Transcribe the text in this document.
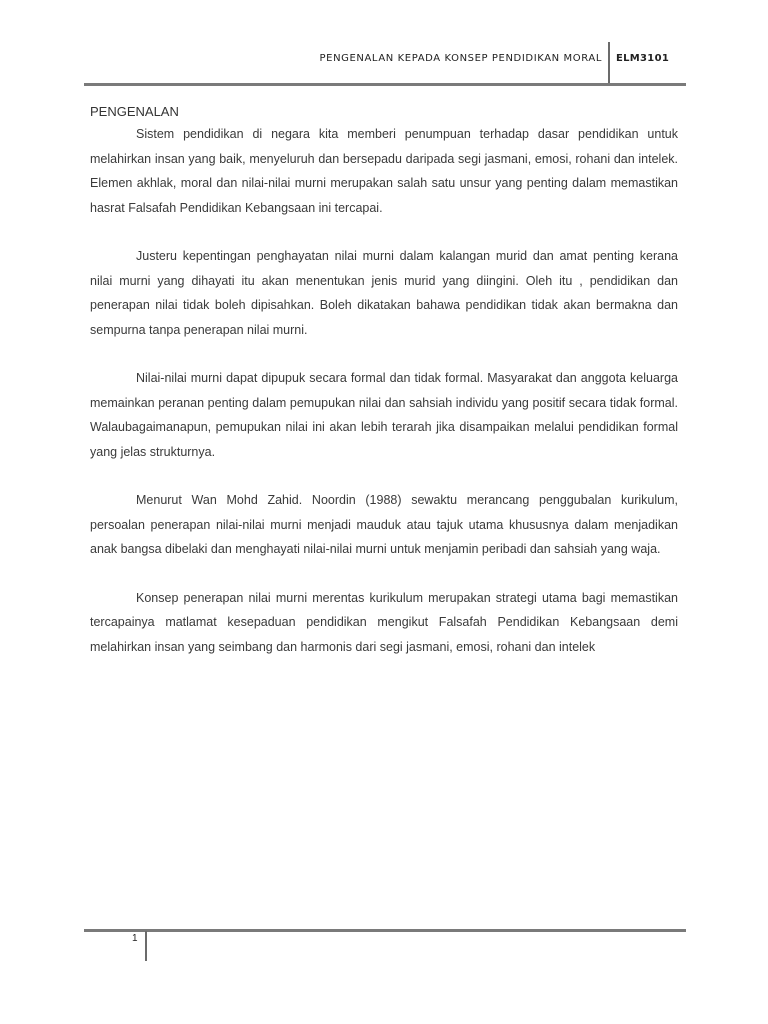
PENGENALAN KEPADA KONSEP PENDIDIKAN MORAL ELM3101

PENGENALAN

Sistem pendidikan di negara kita memberi penumpuan terhadap dasar pendidikan untuk melahirkan insan yang baik, menyeluruh dan bersepadu daripada segi jasmani, emosi, rohani dan intelek. Elemen akhlak, moral dan nilai-nilai murni merupakan salah satu unsur yang penting dalam memastikan hasrat Falsafah Pendidikan Kebangsaan ini tercapai.

Justeru kepentingan penghayatan nilai murni dalam kalangan murid dan amat penting kerana nilai murni yang dihayati itu akan menentukan jenis murid yang diingini. Oleh itu , pendidikan dan penerapan nilai tidak boleh dipisahkan. Boleh dikatakan bahawa pendidikan tidak akan bermakna dan sempurna tanpa penerapan nilai murni.

Nilai-nilai murni dapat dipupuk secara formal dan tidak formal. Masyarakat dan anggota keluarga memainkan peranan penting dalam pemupukan nilai dan sahsiah individu yang positif secara tidak formal. Walaubagaimanapun, pemupukan nilai ini akan lebih terarah jika disampaikan melalui pendidikan formal yang jelas strukturnya.

Menurut Wan Mohd Zahid. Noordin (1988) sewaktu merancang penggubalan kurikulum, persoalan penerapan nilai-nilai murni menjadi mauduk atau tajuk utama khususnya dalam menjadikan anak bangsa dibelaki dan menghayati nilai-nilai murni untuk menjamin peribadi dan sahsiah yang waja.

Konsep penerapan nilai murni merentas kurikulum merupakan strategi utama bagi memastikan tercapainya matlamat kesepaduan pendidikan mengikut Falsafah Pendidikan Kebangsaan demi melahirkan insan yang seimbang dan harmonis dari segi jasmani, emosi, rohani dan intelek

1
